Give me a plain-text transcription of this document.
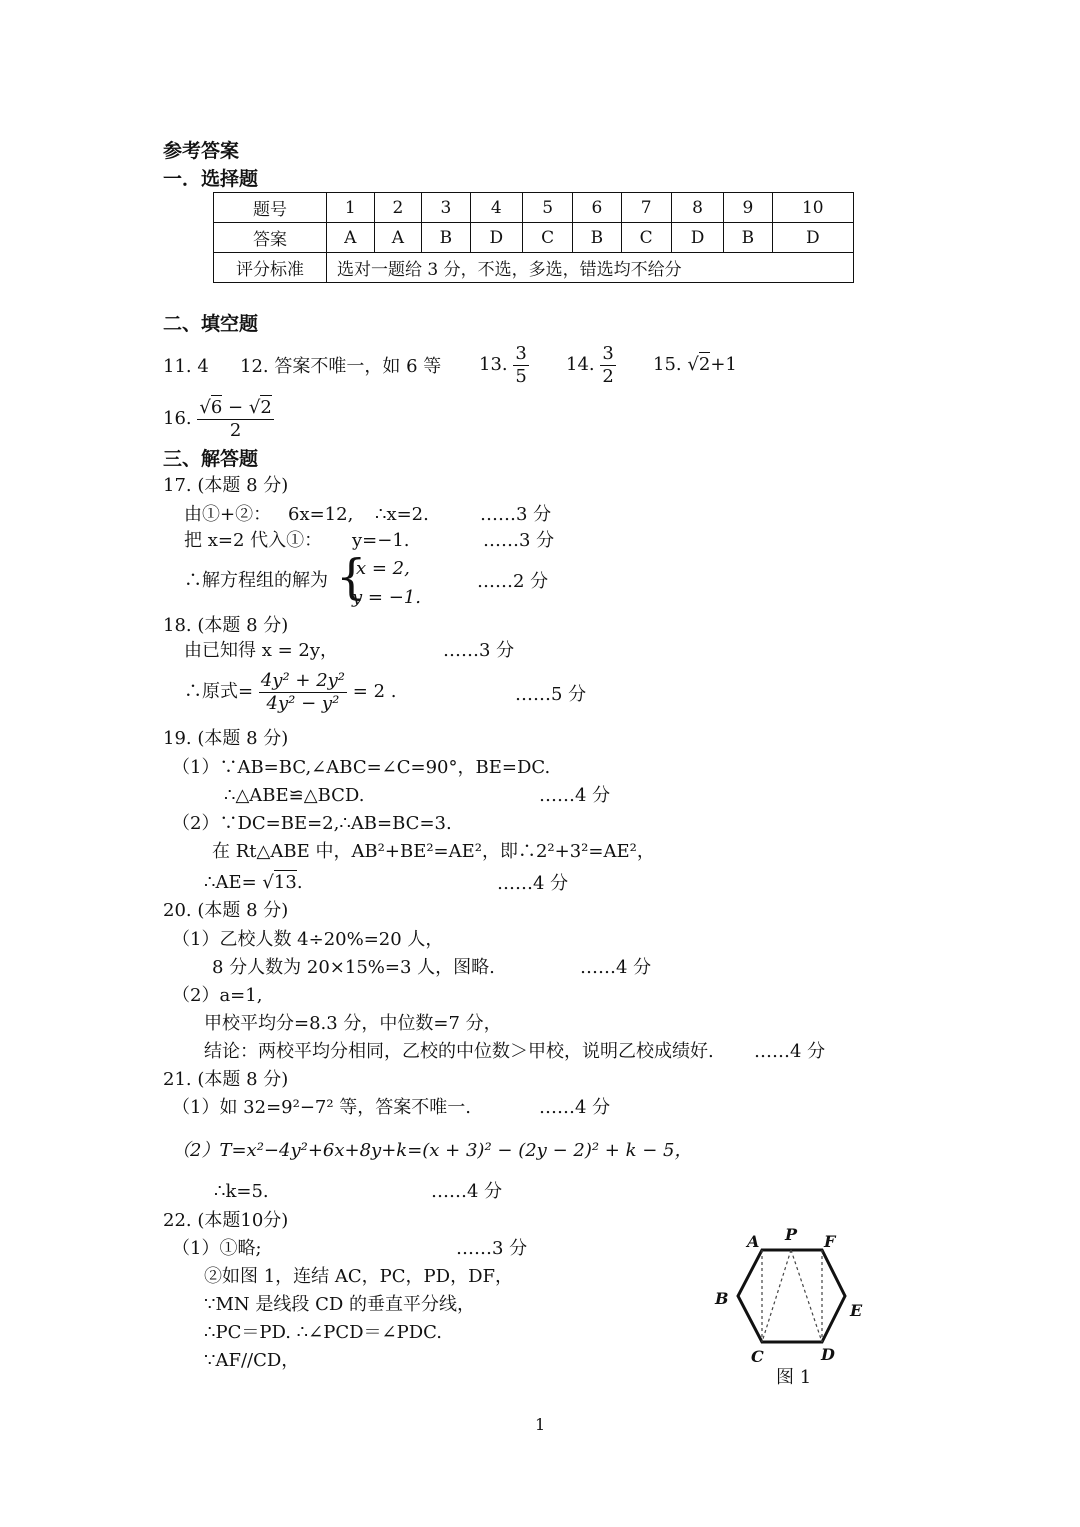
参考答案
一．选择题
题号	1	2	3	4	5	6	7	8	9	10
答案	A	A	B	D	C	B	C	D	B	D
评分标准	选对一题给 3 分，不选，多选，错选均不给分									
二、填空题
11. 4 12. 答案不唯一，如 6 等 13. $\frac{3}{5} 14$. $\frac{3}{2} 15$. √2+1
16. $\frac{√6 - √2}{2}$
三、解答题
17. (本题 8 分)
由①+②： 6x=12, ∴x=2.	……3 分
把 x=2 代入①： y=−1.	……3 分
∴解方程组的解为 {
x = 2,
y = −1.
……2 分
18. (本题 8 分)
由已知得 x = 2y，	……3 分
∴原式= $\frac{\text{4y² + 2y²}}{\text{4y² − y²}} = 2$ .	……5 分
19. (本题 8 分)
（1）∵AB=BC,∠ABC=∠C=90°，BE=DC.
∴△ABE≌△BCD.	……4 分
（2）∵DC=BE=2,∴AB=BC=3.
在 Rt△ABE 中，AB²+BE²=AE²，即∴2²+3²=AE²，
∴AE= √13.	……4 分
20. (本题 8 分)
（1）乙校人数 4÷20%=20 人，
8 分人数为 20×15%=3 人，图略.	……4 分
（2）a=1,
甲校平均分=8.3 分，中位数=7 分，
结论：两校平均分相同，乙校的中位数＞甲校，说明乙校成绩好. ……4 分
21. (本题 8 分)
（1）如 32=9²−7² 等，答案不唯一.	……4 分
（2）T=x²−4y²+6x+8y+k=(x + 3)² − (2y − 2)² + k − 5，
∴k=5.	……4 分
22. (本题10分)
（1）①略;	……3 分
②如图 1，连结 AC，PC，PD，DF，
∵MN 是线段 CD 的垂直平分线，
∴PC＝PD. ∴∠PCD＝∠PDC.
∵AF//CD，
A P F
B
E
C	D
图 1
1
